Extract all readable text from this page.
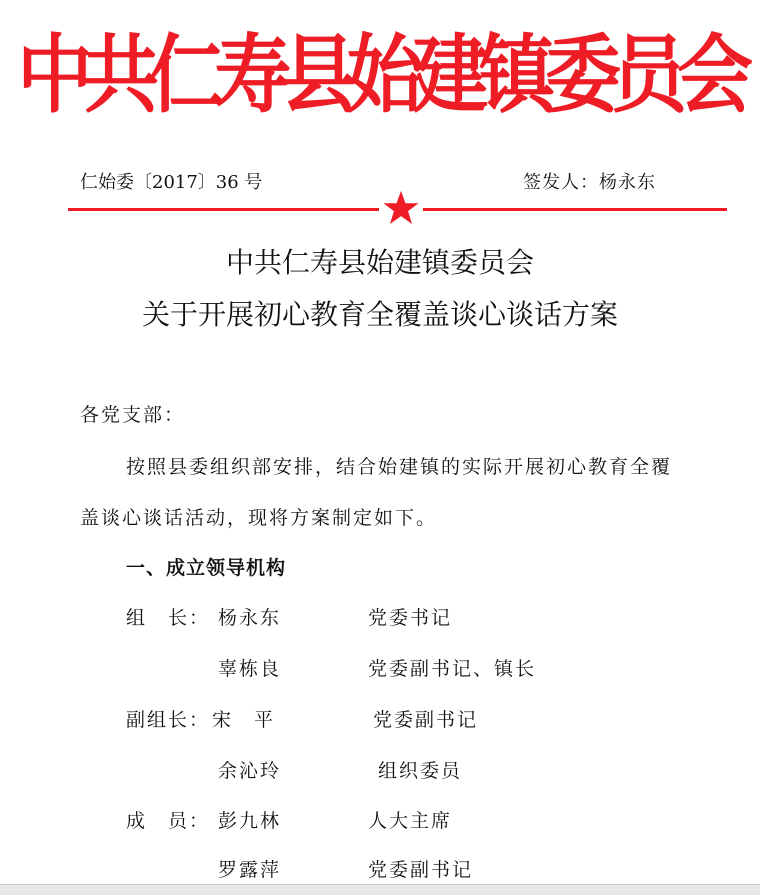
中共仁寿县始建镇委员会
仁始委〔2017〕36 号	签发人：杨永东
中共仁寿县始建镇委员会
关于开展初心教育全覆盖谈心谈话方案
各党支部：
按照县委组织部安排，结合始建镇的实际开展初心教育全覆
盖谈心谈话活动，现将方案制定如下。
一、成立领导机构
组　长： 杨永东	党委书记
辜栋良	党委副书记、镇长
副组长： 宋　平	党委副书记
余沁玲	组织委员
成　员： 彭九林	人大主席
罗露萍	党委副书记
